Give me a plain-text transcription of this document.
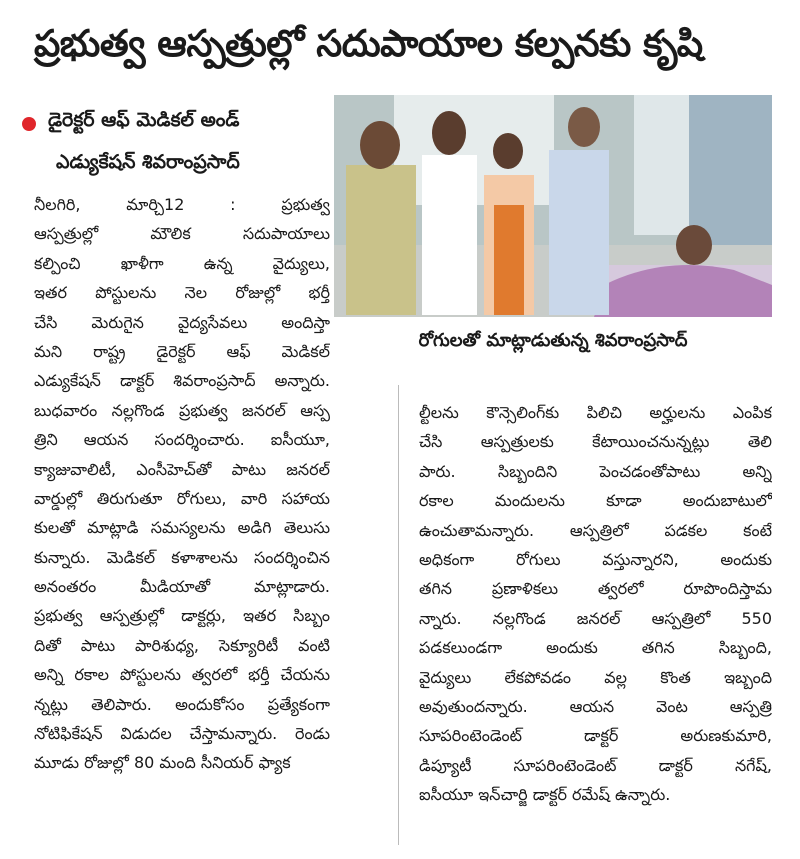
ప్రభుత్వ ఆస్పత్రుల్లో సదుపాయాల కల్పనకు కృషి
డైరెక్టర్ ఆఫ్ మెడికల్ అండ్
ఎడ్యుకేషన్ శివరాంప్రసాద్
రోగులతో మాట్లాడుతున్న శివరాంప్రసాద్
నీలగిరి, మార్చి12 : ప్రభుత్వ
ఆస్పత్రుల్లో మౌలిక సదుపాయాలు
కల్పించి ఖాళీగా ఉన్న వైద్యులు,
ఇతర పోస్టులను నెల రోజుల్లో భర్తీ
చేసి మెరుగైన వైద్యసేవలు అందిస్తా
మని రాష్ట్ర డైరెక్టర్ ఆఫ్ మెడికల్
ఎడ్యుకేషన్ డాక్టర్ శివరాంప్రసాద్ అన్నారు.
బుధవారం నల్లగొండ ప్రభుత్వ జనరల్ ఆస్ప
త్రిని ఆయన సందర్శించారు. ఐసీయూ,
క్యాజువాలిటీ, ఎంసీహెచ్‌తో పాటు జనరల్
వార్డుల్లో తిరుగుతూ రోగులు, వారి సహాయ
కులతో మాట్లాడి సమస్యలను అడిగి తెలుసు
కున్నారు. మెడికల్ కళాశాలను సందర్శించిన
అనంతరం మీడియాతో మాట్లాడారు.
ప్రభుత్వ ఆస్పత్రుల్లో డాక్టర్లు, ఇతర సిబ్బం
దితో పాటు పారిశుధ్య, సెక్యూరిటీ వంటి
అన్ని రకాల పోస్టులను త్వరలో భర్తీ చేయను
న్నట్లు తెలిపారు. అందుకోసం ప్రత్యేకంగా
నోటిఫికేషన్ విడుదల చేస్తామన్నారు. రెండు
మూడు రోజుల్లో 80 మంది సీనియర్ ఫ్యాక
ల్టీలను కౌన్సెలింగ్‌కు పిలిచి అర్హులను ఎంపిక
చేసి ఆస్పత్రులకు కేటాయించనున్నట్లు తెలి
పారు. సిబ్బందిని పెంచడంతోపాటు అన్ని
రకాల మందులను కూడా అందుబాటులో
ఉంచుతామన్నారు. ఆస్పత్రిలో పడకల కంటే
అధికంగా రోగులు వస్తున్నారని, అందుకు
తగిన ప్రణాళికలు త్వరలో రూపొందిస్తామ
న్నారు. నల్లగొండ జనరల్ ఆస్పత్రిలో 550
పడకలుండగా అందుకు తగిన సిబ్బంది,
వైద్యులు లేకపోవడం వల్ల కొంత ఇబ్బంది
అవుతుందన్నారు. ఆయన వెంట ఆస్పత్రి
సూపరింటెండెంట్ డాక్టర్ అరుణకుమారి,
డిప్యూటీ సూపరింటెండెంట్ డాక్టర్ నగేష్,
ఐసీయూ ఇన్‌చార్జి డాక్టర్ రమేష్ ఉన్నారు.
